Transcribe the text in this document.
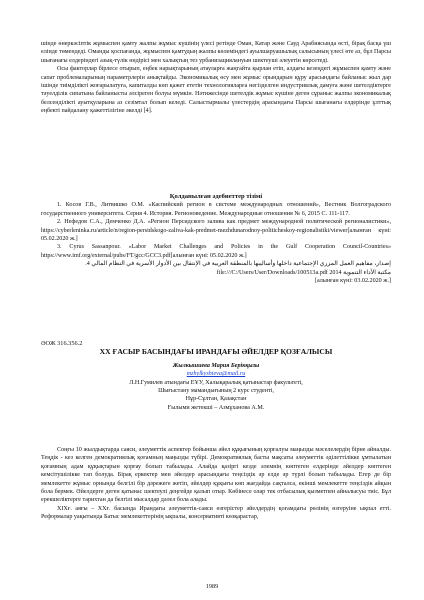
шінде өнеркәсіптік жұмыспен қамту жалпы жұмыс күшінің үлесі ретінде Оман, Катар және Сауд Арабиясында өсті, бірақ басқа үш елінде төмендеді. Оманды қоспағанда, жұмыспен қамтудың жалпы көлеміндегі ауылшаруашылық салысының үлесі өте аз, бұл Парсы шығанағы елдеріндегі азық-түлік өндірісі мен халықтың тез урбанизациялануын шектеуші әлеуетін көрсетеді.

Осы факторлар бірлесе отырып, еңбек нарықтарының атауларға жаңгайта қырлан етіп, алдағы кезеңдегі жұмыспен қамту және сапат проблемаларының параметрлерін анықтайды. Экономикалық өсу мен жұмыс орындарын құру арасындағы байланыс жыл дар ішінде тиімділікті жоғарылатуға, капиталды көп қажет ететін технологияларға негізделген индустриялық дамуға және шетелдіктерге тәуелділік сипатына байланысты әлсіреген болуы мүмкін. Нәтижесінде шетелдік жұмыс күшіне деген сұраныс жалпы экономикалық белсенділікті ауытқуларына аз сезімтал болып келеді. Салыстырмалы үлестердің арасындағы Парсы шығанағы елдерінде ұлттық еңбекті пайдалану қажеттілігіне әкелді [4].

Қолданылған әдебиеттер тізімі

1. Косов Г.В., Литвишко О.М. «Каспийский регион в системе международных отношений», Вестник Волгоградского государственного университета. Серия 4. История. Регионоведение. Международные отношения № 6, 2015 С. 111-117.

2. Нефедов С.А., Демченко Д.А. «Регион Персидского залива как предмет международной политической регионалистики», https://cyberleninka.ru/article/n/region-persidskogo-zaliva-kak-predmet-mezhdunarodnoy-politicheskoy-regionalistiki/viewer[алынған күні: 05.02.2020 ж.]

3. Cyrus Sassanpour. «Labor Market Challenges and Policies in the Gulf Cooperation Council-Countries» https://www.imf.org/external/pubs/FT/gcc/GCC3.pdf[алынған күні: 05.02.2020 ж.]

إصدار، مفاهيم العمل المزري الإجتماعية داخلها وأساليبها بالمنطقة العربية في الإنتقال بين الأدوار الأسرية في النظام المالي 4.

file:///C:/Users/User/Downloads/100513a.pdf مكتبة الأداء التنموية 2014

[алынған күні: 03.02.2020 ж.]

ӘОЖ 316.356.2

XX ҒАСЫР БАСЫНДАҒЫ ИРАНДАҒЫ ӘЙЕЛДЕР ҚОЗҒАЛЫСЫ

Жылкышиева Мария Берікқызы

mzhylkyshieva@mail.ru

Л.Н.Гумилев атындағы ЕҰУ, Халықаралық қатынастар факультеті,

Шығыстану мамандығының 2 курс студенті,

Нұр-Сұлтан, Қазақстан

Ғылыми жетекші – Азмұханова А.М.

Соңғы 10 жылдықтарда саяси, әлеуметтік аспектер бойынша әйел құқығының қорғалуы маңызды мәселелердің бірне айналды. Теңдік - кез келген демократиялық қоғамның маңызды түбірі. Демократиялық басты мақсаты әлеуметтік әділеттілікке ұмтылатын қоғамның адам құқықтарын қорғау болып табылады. Алайда қазіргі кезде әлемнің көптеген елдерінде әйелдер көптеген кемсітушілікке тап болуда. Бірақ еркектер мен әйелдер арасындағы теңсіздік әр елде әр түрлі болып табылады. Егер де бір мемлекетте жұмыс орнында белгілі бір дәрежеге жетіп, әйелдер құқығы көп жағдайда сақталса, екінші мемлекетте теңсіздік айқын бола бермек. Әйелдерге деген қатынас шектеулі деңгейде қалып отыр. Көбінесе олар тек отбасылық қызметпен айналысуы тиіс. Бұл ерекшеліктерге тарихтан да белгілі мысалдар дәлел бола алады.

XIXғ. аяғы – XXғ. басында Ирандағы әлеуметтік-саяси өзгерістер әйелдердің қоғамдағы рөлінің өзгеруіне ықпал етті. Реформалар уақытында Батыс мемлекеттерінің ықпалы, консервативті көзқарастар,

1989
